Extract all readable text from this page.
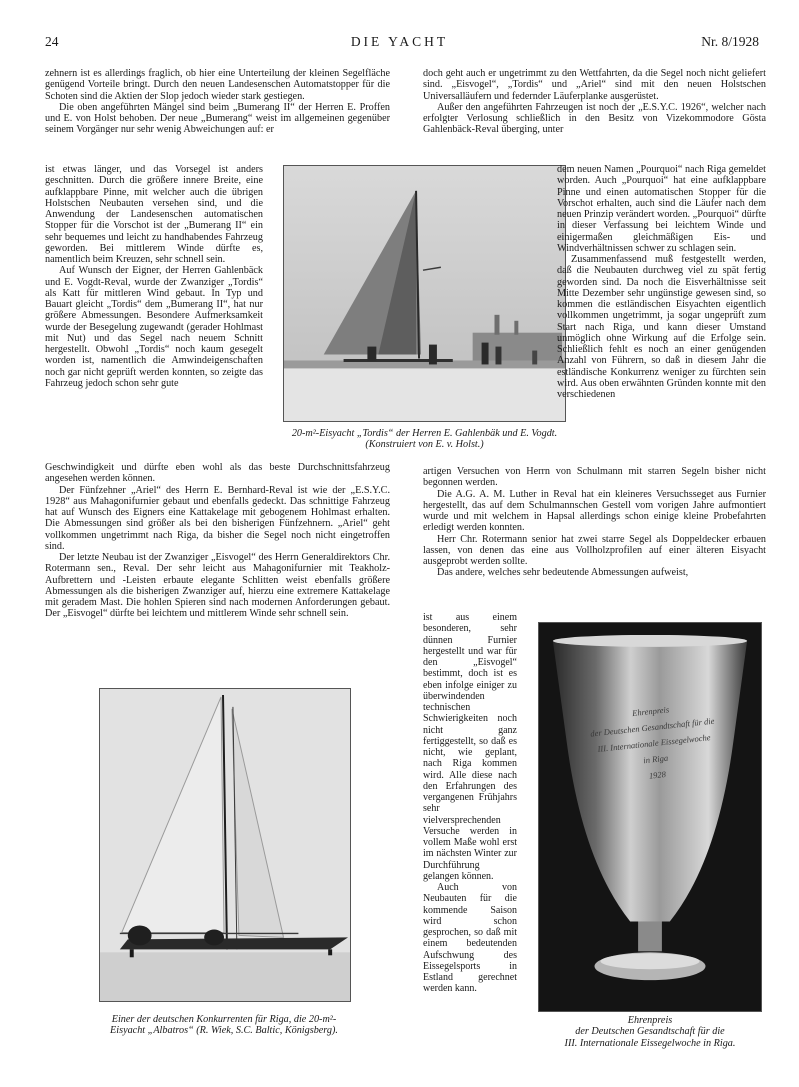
24	DIE YACHT	Nr. 8/1928

zehnern ist es allerdings fraglich, ob hier eine Unterteilung der kleinen Segelfläche genügend Vorteile bringt. Durch den neuen Landesenschen Automatstopper für die Schoten sind die Aktien der Slop jedoch wieder stark gestiegen.

Die oben angeführten Mängel sind beim „Bumerang II“ der Herren E. Proffen und E. von Holst behoben. Der neue „Bumerang“ weist im allgemeinen gegenüber seinem Vorgänger nur sehr wenig Abweichungen auf: er

ist etwas länger, und das Vorsegel ist anders geschnitten. Durch die größere innere Breite, eine aufklappbare Pinne, mit welcher auch die übrigen Holstschen Neubauten versehen sind, und die Anwendung der Landesenschen automatischen Stopper für die Vorschot ist der „Bumerang II“ ein sehr bequemes und leicht zu handhabendes Fahrzeug geworden. Bei mittlerem Winde dürfte es, namentlich beim Kreuzen, sehr schnell sein.

Auf Wunsch der Eigner, der Herren Gahlenbäck und E. Vogdt-Reval, wurde der Zwanziger „Tordis“ als Katt für mittleren Wind gebaut. In Typ und Bauart gleicht „Tordis“ dem „Bumerang II“, hat nur größere Abmessungen. Besondere Aufmerksamkeit wurde der Besegelung zugewandt (gerader Hohlmast mit Nut) und das Segel nach neuem Schnitt hergestellt. Obwohl „Tordis“ noch kaum gesegelt worden ist, namentlich die Amwindeigenschaften noch gar nicht geprüft werden konnten, so zeigte das Fahrzeug jedoch schon sehr gute

Geschwindigkeit und dürfte eben wohl als das beste Durchschnittsfahrzeug angesehen werden können.

Der Fünfzehner „Ariel“ des Herrn E. Bernhard-Reval ist wie der „E.S.Y.C. 1928“ aus Mahagonifurnier gebaut und ebenfalls gedeckt. Das schnittige Fahrzeug hat auf Wunsch des Eigners eine Kattakelage mit gebogenem Hohlmast erhalten. Die Abmessungen sind größer als bei den bisherigen Fünfzehnern. „Ariel“ geht vollkommen ungetrimmt nach Riga, da bisher die Segel noch nicht eingetroffen sind.

Der letzte Neubau ist der Zwanziger „Eisvogel“ des Herrn Generaldirektors Chr. Rotermann sen., Reval. Der sehr leicht aus Mahagonifurnier mit Teakholz-Aufbrettern und -Leisten erbaute elegante Schlitten weist ebenfalls größere Abmessungen als die bisherigen Zwanziger auf, hierzu eine extremere Kattakelage mit geradem Mast. Die hohlen Spieren sind nach modernen Anforderungen gebaut. Der „Eisvogel“ dürfte bei leichtem und mittlerem Winde sehr schnell sein.

20-m²-Eisyacht „Tordis“ der Herren E. Gahlenbäk und E. Vogdt. (Konstruiert von E. v. Holst.)
Einer der deutschen Konkurrenten für Riga, die 20-m²-Eisyacht „Albatros“ (R. Wiek, S.C. Baltic, Königsberg).

doch geht auch er ungetrimmt zu den Wettfahrten, da die Segel noch nicht geliefert sind. „Eisvogel“, „Tordis“ und „Ariel“ sind mit den neuen Holstschen Universalläufern und federnder Läuferplanke ausgerüstet.

Außer den angeführten Fahrzeugen ist noch der „E.S.Y.C. 1926“, welcher nach erfolgter Verlosung schließlich in den Besitz von Vizekommodore Gösta Gahlenbäck-Reval überging, unter

dem neuen Namen „Pourquoi“ nach Riga gemeldet worden. Auch „Pourquoi“ hat eine aufklappbare Pinne und einen automatischen Stopper für die Vorschot erhalten, auch sind die Läufer nach dem neuen Prinzip verändert worden. „Pourquoi“ dürfte in dieser Verfassung bei leichtem Winde und einigermaßen gleichmäßigen Eis- und Windverhältnissen schwer zu schlagen sein.

Zusammenfassend muß festgestellt werden, daß die Neubauten durchweg viel zu spät fertig geworden sind. Da noch die Eisverhältnisse seit Mitte Dezember sehr ungünstige gewesen sind, so kommen die estländischen Eisyachten eigentlich vollkommen ungetrimmt, ja sogar ungeprüft zum Start nach Riga, und kann dieser Umstand unmöglich ohne Wirkung auf die Erfolge sein. Schließlich fehlt es noch an einer genügenden Anzahl von Führern, so daß in diesem Jahr die estländische Konkurrenz weniger zu fürchten sein wird. Aus oben erwähnten Gründen konnte mit den verschiedenen

artigen Versuchen von Herrn von Schulmann mit starren Segeln bisher nicht begonnen werden.

Die A.G. A. M. Luther in Reval hat ein kleineres Versuchsseget aus Furnier hergestellt, das auf dem Schulmannschen Gestell vom vorigen Jahre aufmontiert wurde und mit welchem in Hapsal allerdings schon einige kleine Probefahrten erledigt werden konnten.

Herr Chr. Rotermann senior hat zwei starre Segel als Doppeldecker erbauen lassen, von denen das eine aus Vollholzprofilen auf einer älteren Eisyacht ausgeprobt werden sollte.

Das andere, welches sehr bedeutende Abmessungen aufweist,

ist aus einem besonderen, sehr dünnen Furnier hergestellt und war für den „Eisvogel“ bestimmt, doch ist es eben infolge einiger zu überwindenden technischen Schwierigkeiten noch nicht ganz fertiggestellt, so daß es nicht, wie geplant, nach Riga kommen wird. Alle diese nach den Erfahrungen des vergangenen Frühjahrs sehr vielversprechenden Versuche werden in vollem Maße wohl erst im nächsten Winter zur Durchführung gelangen können.

Auch von Neubauten für die kommende Saison wird schon gesprochen, so daß mit einem bedeutenden Aufschwung des Eissegelsports in Estland gerechnet werden kann.

Ehrenpreis
der Deutschen Gesandtschaft für die
III. Internationale Eissegelwoche
in Riga
1928
Ehrenpreis
der Deutschen Gesandtschaft für die
III. Internationale Eissegelwoche in Riga.
